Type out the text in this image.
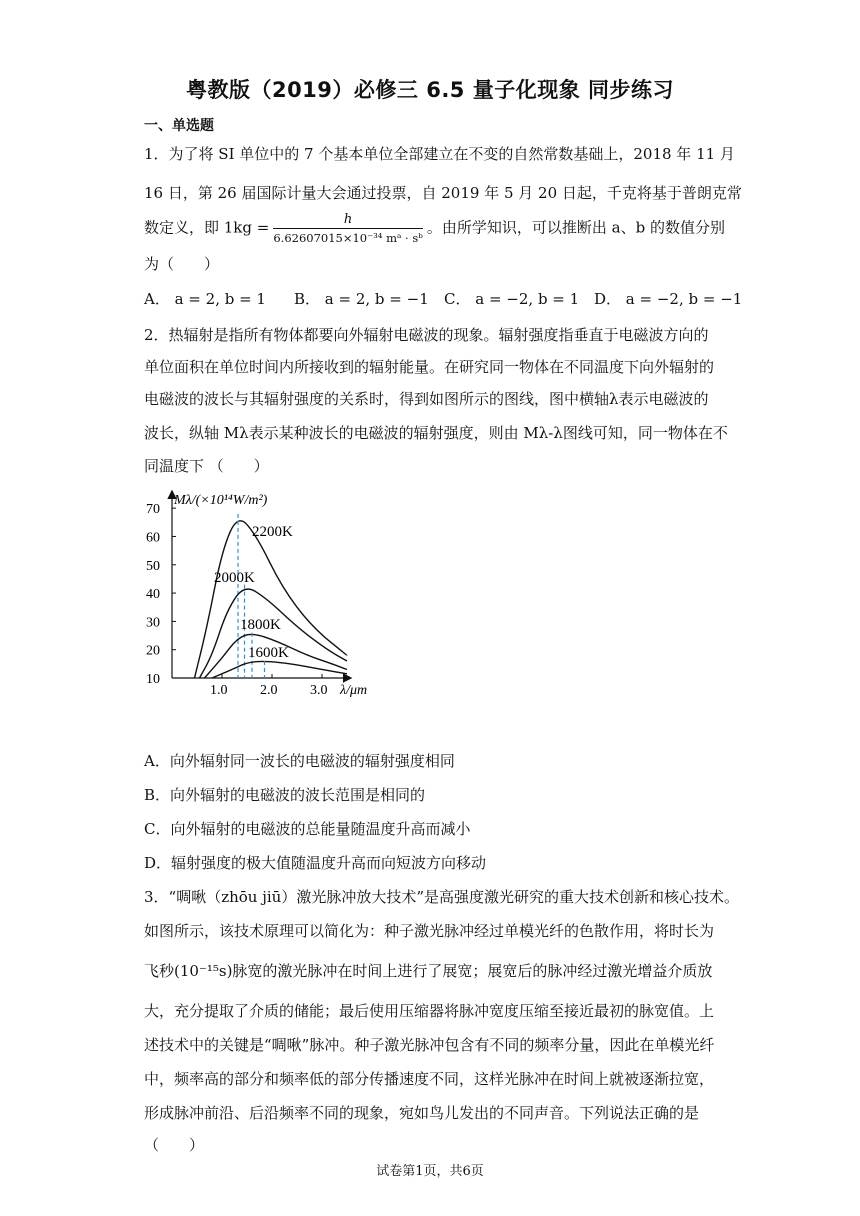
粤教版（2019）必修三 6.5 量子化现象 同步练习
一、单选题
1．为了将 SI 单位中的 7 个基本单位全部建立在不变的自然常数基础上，2018 年 11 月
16 日，第 26 届国际计量大会通过投票，自 2019 年 5 月 20 日起，千克将基于普朗克常
数定义，即 $1kg = \frac{h}{\text{6.62607015×10⁻³⁴ mᵃ · sᵇ}}$ 。由所学知识，可以推断出 a、b 的数值分别
为（　　）
A． a = 2, b = 1 B． a = 2, b = −1 C． a = −2, b = 1 D． a = −2, b = −1
2．热辐射是指所有物体都要向外辐射电磁波的现象。辐射强度指垂直于电磁波方向的
单位面积在单位时间内所接收到的辐射能量。在研究同一物体在不同温度下向外辐射的
电磁波的波长与其辐射强度的关系时，得到如图所示的图线，图中横轴λ表示电磁波的
波长，纵轴 Mλ表示某种波长的电磁波的辐射强度，则由 Mλ-λ图线可知，同一物体在不
同温度下 （　　）
Mλ/(×10¹⁴W/m²)
λ/μm
70
60
50
40
30
20
10
1.0 2.0 3.0
2200K
2000K
1800K
1600K
A．向外辐射同一波长的电磁波的辐射强度相同
B．向外辐射的电磁波的波长范围是相同的
C．向外辐射的电磁波的总能量随温度升高而减小
D．辐射强度的极大值随温度升高而向短波方向移动
3．“啁啾（zhōu jiū）激光脉冲放大技术”是高强度激光研究的重大技术创新和核心技术。
如图所示，该技术原理可以简化为：种子激光脉冲经过单模光纤的色散作用，将时长为
飞秒(10⁻¹⁵s)脉宽的激光脉冲在时间上进行了展宽；展宽后的脉冲经过激光增益介质放
大，充分提取了介质的储能；最后使用压缩器将脉冲宽度压缩至接近最初的脉宽值。上
述技术中的关键是“啁啾”脉冲。种子激光脉冲包含有不同的频率分量，因此在单模光纤
中，频率高的部分和频率低的部分传播速度不同，这样光脉冲在时间上就被逐渐拉宽，
形成脉冲前沿、后沿频率不同的现象，宛如鸟儿发出的不同声音。下列说法正确的是
（　　）
试卷第1页，共6页
